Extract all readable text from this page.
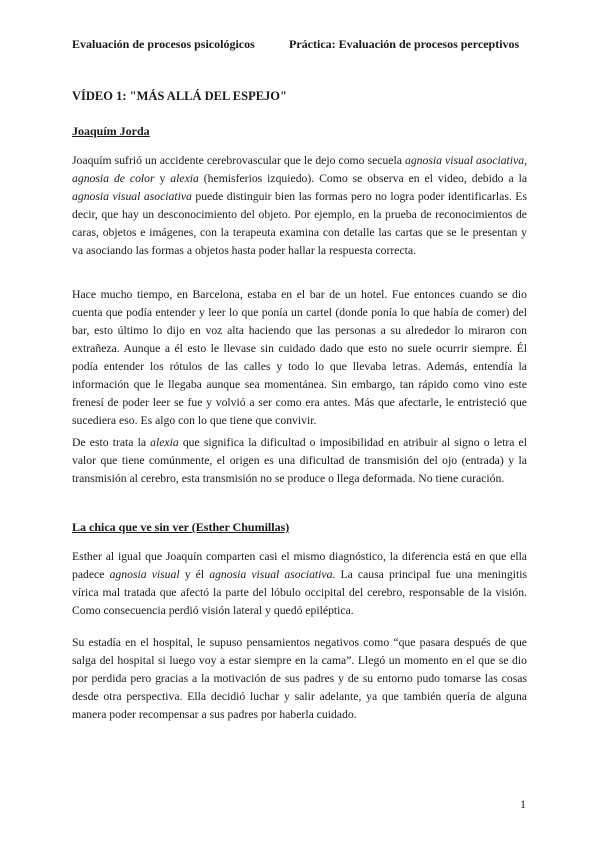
Evaluación de procesos psicológicos	Práctica: Evaluación de procesos perceptivos
VÍDEO 1: "MÁS ALLÁ DEL ESPEJO"
Joaquím Jorda

Joaquím sufrió un accidente cerebrovascular que le dejo como secuela agnosia visual asociativa, agnosia de color y alexia (hemisferios izquiedo). Como se observa en el video, debido a la agnosia visual asociativa puede distinguir bien las formas pero no logra poder identificarlas. Es decir, que hay un desconocimiento del objeto. Por ejemplo, en la prueba de reconocimientos de caras, objetos e imágenes, con la terapeuta examina con detalle las cartas que se le presentan y va asociando las formas a objetos hasta poder hallar la respuesta correcta.

Hace mucho tiempo, en Barcelona, estaba en el bar de un hotel. Fue entonces cuando se dio cuenta que podía entender y leer lo que ponía un cartel (donde ponía lo que había de comer) del bar, esto último lo dijo en voz alta haciendo que las personas a su alrededor lo miraron con extrañeza. Aunque a él esto le llevase sin cuidado dado que esto no suele ocurrir siempre. Él podía entender los rótulos de las calles y todo lo que llevaba letras. Además, entendía la información que le llegaba aunque sea momentánea. Sin embargo, tan rápido como vino este frenesí de poder leer se fue y volvió a ser como era antes. Más que afectarle, le entristeció que sucediera eso. Es algo con lo que tiene que convivir.

De esto trata la alexia que significa la dificultad o imposibilidad en atribuir al signo o letra el valor que tiene comúnmente, el origen es una dificultad de transmisión del ojo (entrada) y la transmisión al cerebro, esta transmisión no se produce o llega deformada. No tiene curación.

La chica que ve sin ver (Esther Chumillas)

Esther al igual que Joaquín comparten casi el mismo diagnóstico, la diferencia está en que ella padece agnosia visual y él agnosia visual asociativa. La causa principal fue una meningitis vírica mal tratada que afectó la parte del lóbulo occipital del cerebro, responsable de la visión. Como consecuencia perdió visión lateral y quedó epiléptica.

Su estadía en el hospital, le supuso pensamientos negativos como “que pasara después de que salga del hospital si luego voy a estar siempre en la cama”. Llegó un momento en el que se dio por perdida pero gracias a la motivación de sus padres y de su entorno pudo tomarse las cosas desde otra perspectiva. Ella decidió luchar y salir adelante, ya que también quería de alguna manera poder recompensar a sus padres por haberla cuidado.

1
